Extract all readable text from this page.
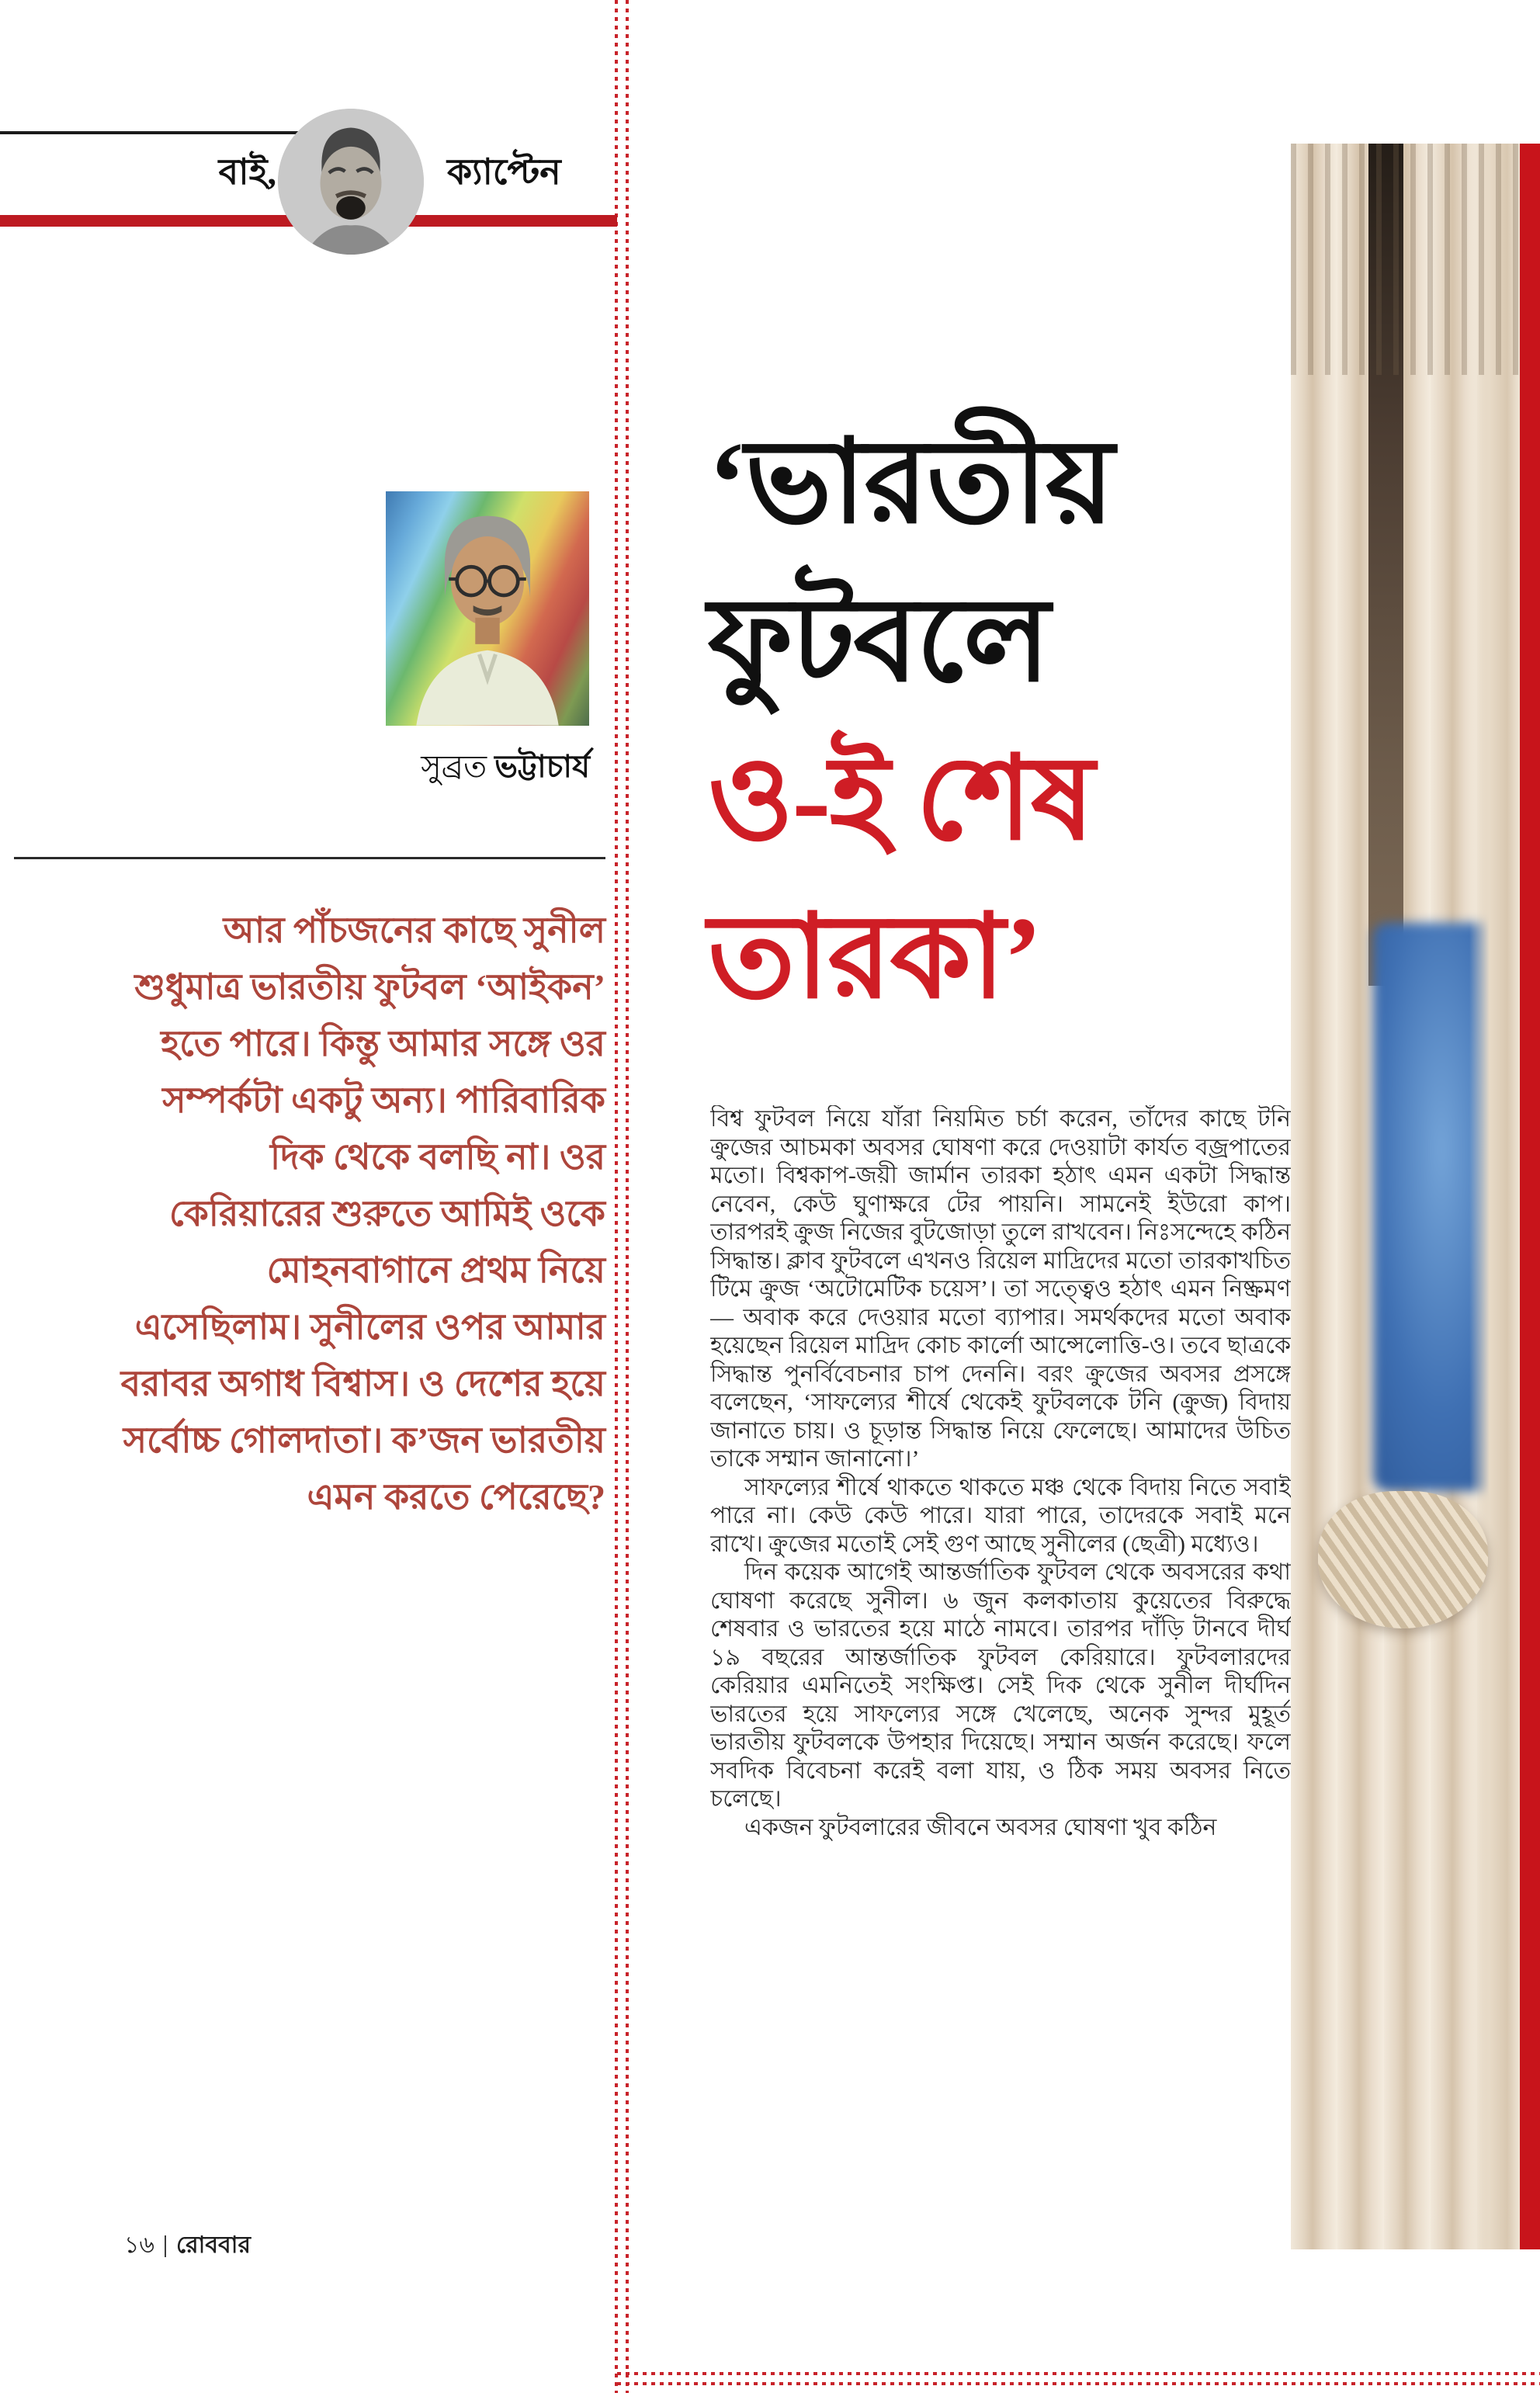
বাই,	ক্যাপ্টেন
সুব্রত ভট্টাচার্য
আর পাঁচজনের কাছে সুনীল শুধুমাত্র ভারতীয় ফুটবল ‘আইকন’ হতে পারে। কিন্তু আমার সঙ্গে ওর সম্পর্কটা একটু অন্য। পারিবারিক দিক থেকে বলছি না। ওর কেরিয়ারের শুরুতে আমিই ওকে মোহনবাগানে প্রথম নিয়ে এসেছিলাম। সুনীলের ওপর আমার বরাবর অগাধ বিশ্বাস। ও দেশের হয়ে সর্বোচ্চ গোলদাতা। ক’জন ভারতীয় এমন করতে পেরেছে?
‘ভারতীয়
ফুটবলে
ও-ই শেষ
তারকা’

বিশ্ব ফুটবল নিয়ে যাঁরা নিয়মিত চর্চা করেন, তাঁদের কাছে টনি ক্রুজের আচমকা অবসর ঘোষণা করে দেওয়াটা কার্যত বজ্রপাতের মতো। বিশ্বকাপ-জয়ী জার্মান তারকা হঠাৎ এমন একটা সিদ্ধান্ত নেবেন, কেউ ঘুণাক্ষরে টের পায়নি। সামনেই ইউরো কাপ। তারপরই ক্রুজ নিজের বুটজোড়া তুলে রাখবেন। নিঃসন্দেহে কঠিন সিদ্ধান্ত। ক্লাব ফুটবলে এখনও রিয়েল মাদ্রিদের মতো তারকাখচিত টিমে ক্রুজ ‘অটোমেটিক চয়েস’। তা সত্ত্বেও হঠাৎ এমন নিষ্ক্রমণ— অবাক করে দেওয়ার মতো ব্যাপার। সমর্থকদের মতো অবাক হয়েছেন রিয়েল মাদ্রিদ কোচ কার্লো আন্সেলোত্তি-ও। তবে ছাত্রকে সিদ্ধান্ত পুনর্বিবেচনার চাপ দেননি। বরং ক্রুজের অবসর প্রসঙ্গে বলেছেন, ‘সাফল্যের শীর্ষে থেকেই ফুটবলকে টনি (ক্রুজ) বিদায় জানাতে চায়। ও চূড়ান্ত সিদ্ধান্ত নিয়ে ফেলেছে। আমাদের উচিত তাকে সম্মান জানানো।’

সাফল্যের শীর্ষে থাকতে থাকতে মঞ্চ থেকে বিদায় নিতে সবাই পারে না। কেউ কেউ পারে। যারা পারে, তাদেরকে সবাই মনে রাখে। ক্রুজের মতোই সেই গুণ আছে সুনীলের (ছেত্রী) মধ্যেও।

দিন কয়েক আগেই আন্তর্জাতিক ফুটবল থেকে অবসরের কথা ঘোষণা করেছে সুনীল। ৬ জুন কলকাতায় কুয়েতের বিরুদ্ধে শেষবার ও ভারতের হয়ে মাঠে নামবে। তারপর দাঁড়ি টানবে দীর্ঘ ১৯ বছরের আন্তর্জাতিক ফুটবল কেরিয়ারে। ফুটবলারদের কেরিয়ার এমনিতেই সংক্ষিপ্ত। সেই দিক থেকে সুনীল দীর্ঘদিন ভারতের হয়ে সাফল্যের সঙ্গে খেলেছে, অনেক সুন্দর মুহূর্ত ভারতীয় ফুটবলকে উপহার দিয়েছে। সম্মান অর্জন করেছে। ফলে সবদিক বিবেচনা করেই বলা যায়, ও ঠিক সময় অবসর নিতে চলেছে।

একজন ফুটবলারের জীবনে অবসর ঘোষণা খুব কঠিন

১৬ রোববার
